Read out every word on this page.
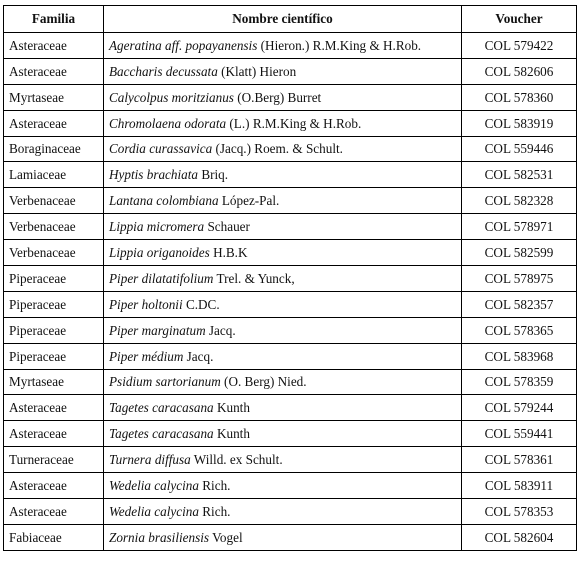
Familia	Nombre científico	Voucher
Asteraceae	Ageratina aff. popayanensis (Hieron.) R.M.King & H.Rob.	COL 579422
Asteraceae	Baccharis decussata (Klatt) Hieron	COL 582606
Myrtaseae	Calycolpus moritzianus (O.Berg) Burret	COL 578360
Asteraceae	Chromolaena odorata (L.) R.M.King & H.Rob.	COL 583919
Boraginaceae	Cordia curassavica (Jacq.) Roem. & Schult.	COL 559446
Lamiaceae	Hyptis brachiata Briq.	COL 582531
Verbenaceae	Lantana colombiana López-Pal.	COL 582328
Verbenaceae	Lippia micromera Schauer	COL 578971
Verbenaceae	Lippia origanoides H.B.K	COL 582599
Piperaceae	Piper dilatatifolium Trel. & Yunck,	COL 578975
Piperaceae	Piper holtonii C.DC.	COL 582357
Piperaceae	Piper marginatum Jacq.	COL 578365
Piperaceae	Piper médium Jacq.	COL 583968
Myrtaseae	Psidium sartorianum (O. Berg) Nied.	COL 578359
Asteraceae	Tagetes caracasana Kunth	COL 579244
Asteraceae	Tagetes caracasana Kunth	COL 559441
Turneraceae	Turnera diffusa Willd. ex Schult.	COL 578361
Asteraceae	Wedelia calycina Rich.	COL 583911
Asteraceae	Wedelia calycina Rich.	COL 578353
Fabiaceae	Zornia brasiliensis Vogel	COL 582604
